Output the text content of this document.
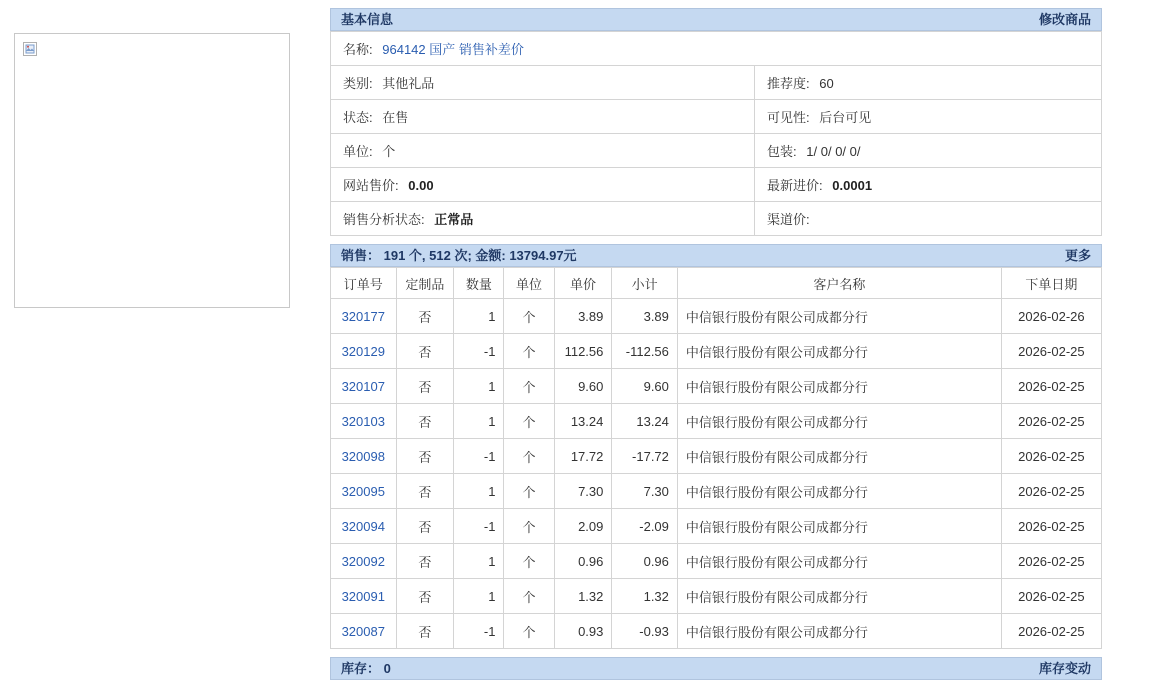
基本信息	修改商品
名称: 964142 国产 销售补差价	
类别: 其他礼品	推荐度: 60
状态: 在售	可见性: 后台可见
单位: 个	包装: 1/ 0/ 0/ 0/
网站售价: 0.00	最新进价: 0.0001
销售分析状态: 正常品	渠道价:
销售： 191 个, 512 次; 金额: 13794.97元	更多
订单号	定制品	数量	单位	单价	小计	客户名称	下单日期
320177	否	1	个	3.89	3.89	中信银行股份有限公司成都分行	2026-02-26
320129	否	-1	个	112.56	-112.56	中信银行股份有限公司成都分行	2026-02-25
320107	否	1	个	9.60	9.60	中信银行股份有限公司成都分行	2026-02-25
320103	否	1	个	13.24	13.24	中信银行股份有限公司成都分行	2026-02-25
320098	否	-1	个	17.72	-17.72	中信银行股份有限公司成都分行	2026-02-25
320095	否	1	个	7.30	7.30	中信银行股份有限公司成都分行	2026-02-25
320094	否	-1	个	2.09	-2.09	中信银行股份有限公司成都分行	2026-02-25
320092	否	1	个	0.96	0.96	中信银行股份有限公司成都分行	2026-02-25
320091	否	1	个	1.32	1.32	中信银行股份有限公司成都分行	2026-02-25
320087	否	-1	个	0.93	-0.93	中信银行股份有限公司成都分行	2026-02-25
库存： 0	库存变动
